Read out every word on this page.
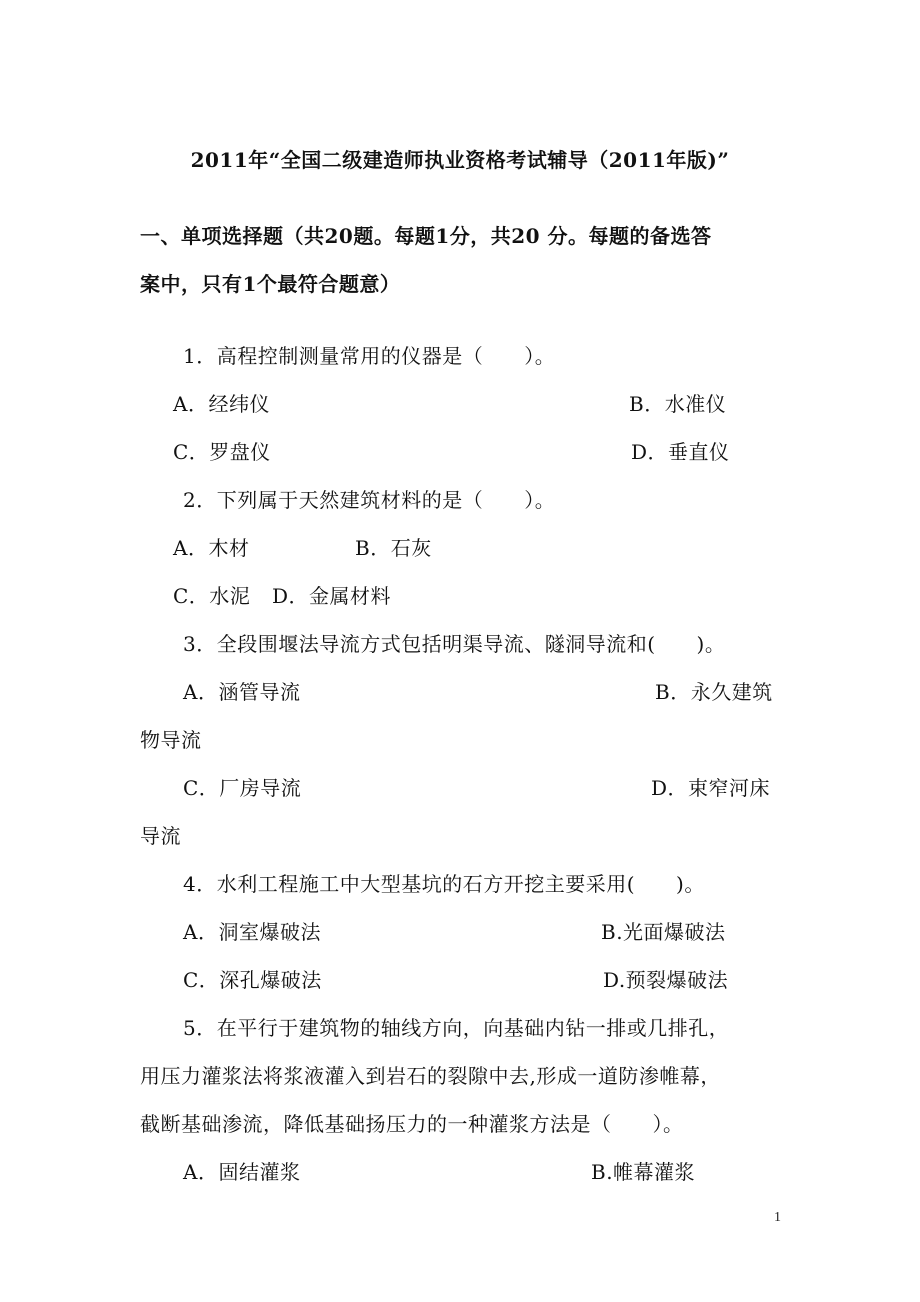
2011年“全国二级建造师执业资格考试辅导（2011年版)”
一、单项选择题（共20题。每题1分，共20 分。每题的备选答
案中，只有1个最符合题意）
1．高程控制测量常用的仪器是（　　）。
A．经纬仪	B．水准仪
C．罗盘仪	D．垂直仪
2．下列属于天然建筑材料的是（　　）。
A．木材	B．石灰
C．水泥 D．金属材料
3．全段围堰法导流方式包括明渠导流、隧洞导流和(　　)。
A．涵管导流	B．永久建筑
物导流
C．厂房导流	D．束窄河床
导流
4．水利工程施工中大型基坑的石方开挖主要采用(　　)。
A．洞室爆破法	B.光面爆破法
C．深孔爆破法	D.预裂爆破法
5．在平行于建筑物的轴线方向，向基础内钻一排或几排孔，
用压力灌浆法将浆液灌入到岩石的裂隙中去,形成一道防渗帷幕，
截断基础渗流，降低基础扬压力的一种灌浆方法是（　　）。
A．固结灌浆	B.帷幕灌浆
1
